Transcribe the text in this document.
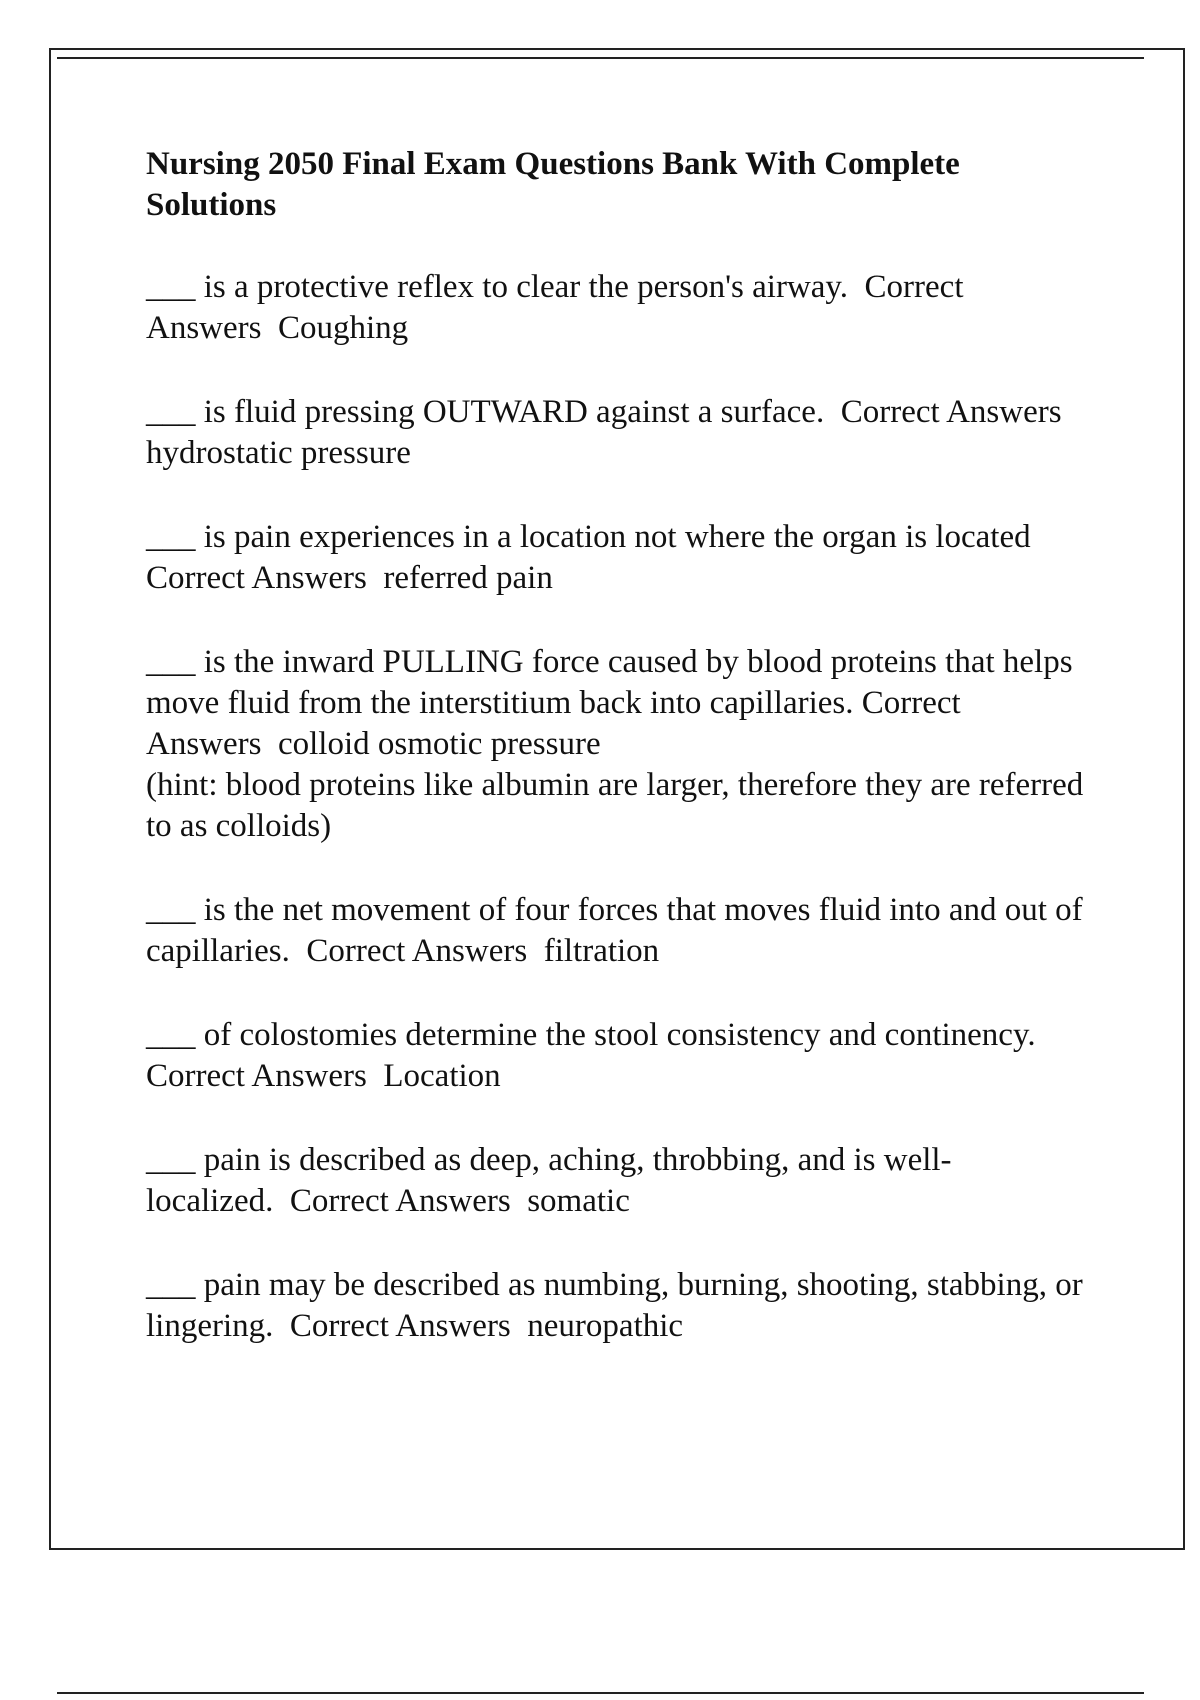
Nursing 2050 Final Exam Questions Bank With Complete Solutions
___ is a protective reflex to clear the person's airway. Correct Answers Coughing
___ is fluid pressing OUTWARD against a surface. Correct Answers  hydrostatic pressure
___ is pain experiences in a location not where the organ is located  Correct Answers referred pain
___ is the inward PULLING force caused by blood proteins that helps move fluid from the interstitium back into capillaries. Correct Answers colloid osmotic pressure
(hint: blood proteins like albumin are larger, therefore they are referred to as colloids)
___ is the net movement of four forces that moves fluid into and out of capillaries. Correct Answers filtration
___ of colostomies determine the stool consistency and continency.  Correct Answers Location
___ pain is described as deep, aching, throbbing, and is well-localized. Correct Answers somatic
___ pain may be described as numbing, burning, shooting, stabbing, or lingering. Correct Answers neuropathic
